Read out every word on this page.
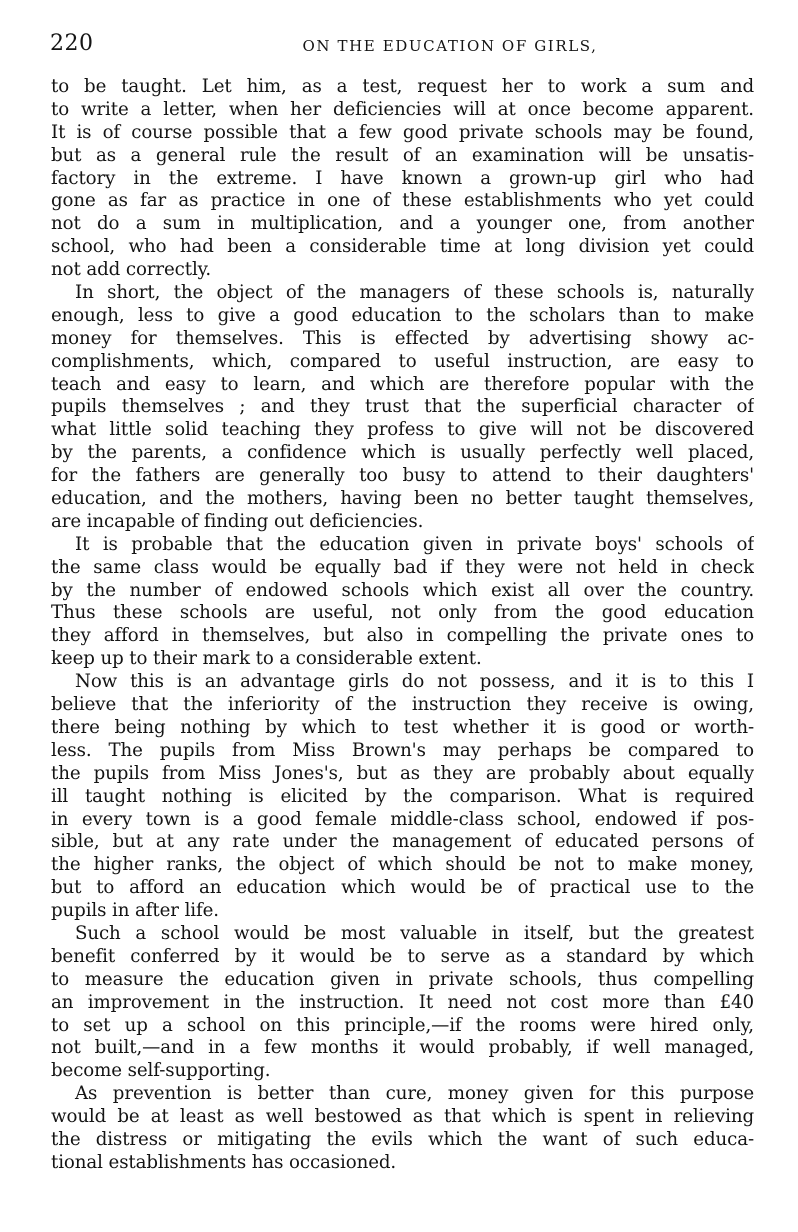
220	ON THE EDUCATION OF GIRLS,
to be taught. Let him, as a test, request her to work a sum and
to write a letter, when her deficiencies will at once become apparent.
It is of course possible that a few good private schools may be found,
but as a general rule the result of an examination will be unsatis-
factory in the extreme. I have known a grown-up girl who had
gone as far as practice in one of these establishments who yet could
not do a sum in multiplication, and a younger one, from another
school, who had been a considerable time at long division yet could
not add correctly.
In short, the object of the managers of these schools is, naturally
enough, less to give a good education to the scholars than to make
money for themselves. This is effected by advertising showy ac-
complishments, which, compared to useful instruction, are easy to
teach and easy to learn, and which are therefore popular with the
pupils themselves ; and they trust that the superficial character of
what little solid teaching they profess to give will not be discovered
by the parents, a confidence which is usually perfectly well placed,
for the fathers are generally too busy to attend to their daughters'
education, and the mothers, having been no better taught themselves,
are incapable of finding out deficiencies.
It is probable that the education given in private boys' schools of
the same class would be equally bad if they were not held in check
by the number of endowed schools which exist all over the country.
Thus these schools are useful, not only from the good education
they afford in themselves, but also in compelling the private ones to
keep up to their mark to a considerable extent.
Now this is an advantage girls do not possess, and it is to this I
believe that the inferiority of the instruction they receive is owing,
there being nothing by which to test whether it is good or worth-
less. The pupils from Miss Brown's may perhaps be compared to
the pupils from Miss Jones's, but as they are probably about equally
ill taught nothing is elicited by the comparison. What is required
in every town is a good female middle-class school, endowed if pos-
sible, but at any rate under the management of educated persons of
the higher ranks, the object of which should be not to make money,
but to afford an education which would be of practical use to the
pupils in after life.
Such a school would be most valuable in itself, but the greatest
benefit conferred by it would be to serve as a standard by which
to measure the education given in private schools, thus compelling
an improvement in the instruction. It need not cost more than £40
to set up a school on this principle,—if the rooms were hired only,
not built,—and in a few months it would probably, if well managed,
become self-supporting.
As prevention is better than cure, money given for this purpose
would be at least as well bestowed as that which is spent in relieving
the distress or mitigating the evils which the want of such educa-
tional establishments has occasioned.
